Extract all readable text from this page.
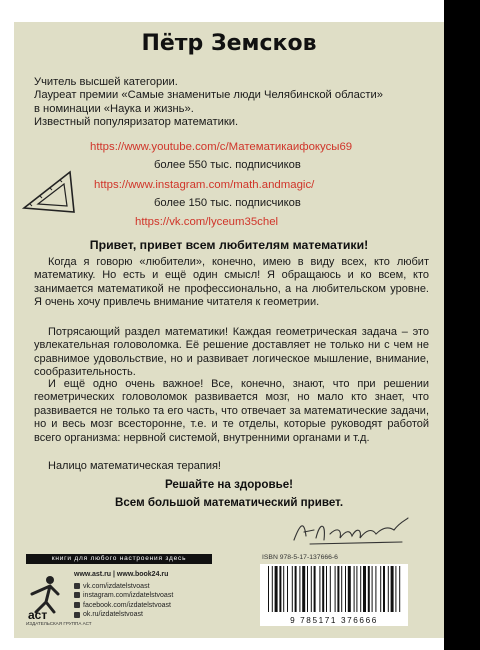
Пётр Земсков
Учитель высшей категории.
Лауреат премии «Самые знаменитые люди Челябинской области»
в номинации «Наука и жизнь».
Известный популяризатор математики.
https://www.youtube.com/c/Математикаифокусы69
более 550 тыс. подписчиков
https://www.instagram.com/math.andmagic/
более 150 тыс. подписчиков
https://vk.com/lyceum35chel
Привет, привет всем любителям математики!

Когда я говорю «любители», конечно, имею в виду всех, кто любит математику. Но есть и ещё один смысл! Я обращаюсь и ко всем, кто занимается математикой не профессионально, а на любительском уровне. Я очень хочу привлечь внимание читателя к геометрии.

Потрясающий раздел математики! Каждая геометрическая задача – это увлекательная головоломка. Её решение доставляет не только ни с чем не сравнимое удовольствие, но и развивает логическое мышление, внимание, сообразительность.

И ещё одно очень важное! Все, конечно, знают, что при решении геометрических головоломок развивается мозг, но мало кто знает, что развивается не только та его часть, что отвечает за математические задачи, но и весь мозг всесторонне, т.е. и те отделы, которые руководят работой всего организма: нервной системой, внутренними органами и т.д.

Налицо математическая терапия!

Решайте на здоровье!
Всем большой математический привет.
книги для любого настроения здесь
аст
ИЗДАТЕЛЬСКАЯ ГРУППА АСТ
www.ast.ru | www.book24.ru
vk.com/izdatelstvoast
instagram.com/izdatelstvoast
facebook.com/izdatelstvoast
ok.ru/izdatelstvoast
ISBN 978-5-17-137666-6
9 785171 376666
